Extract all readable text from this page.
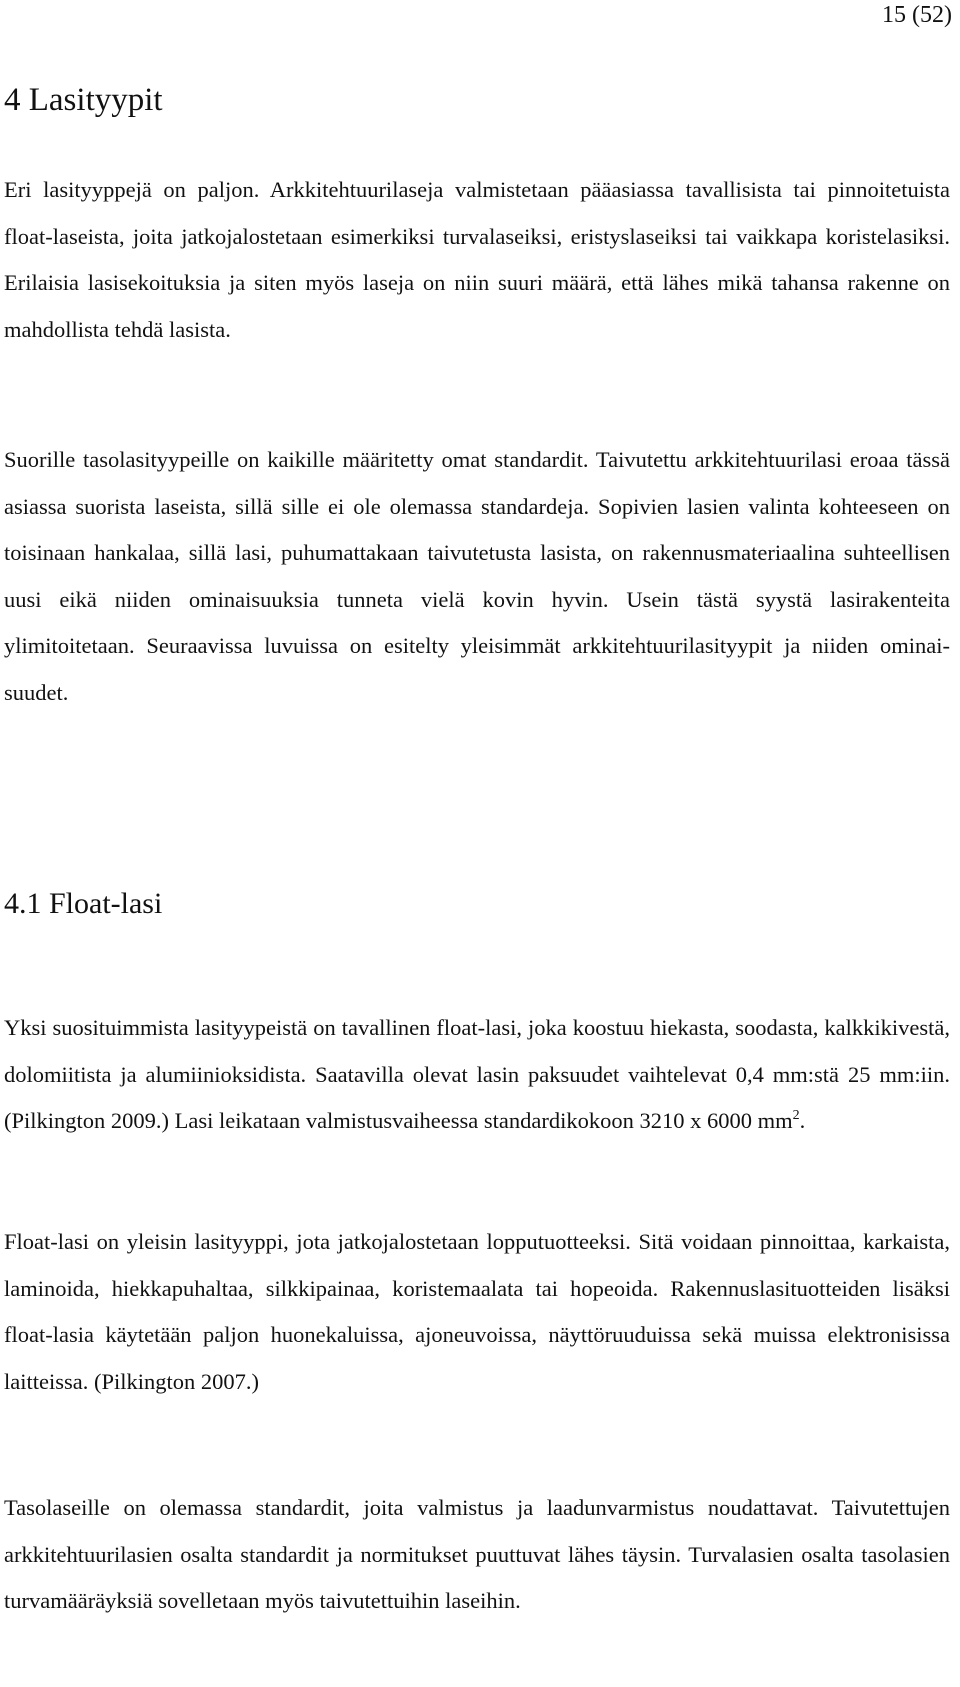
15 (52)
4 Lasityypit

Eri lasityyppejä on paljon. Arkkitehtuurilaseja valmistetaan pääasiassa tavallisista tai pinnoitetuista float-laseista, joita jatkojalostetaan esimerkiksi turvalaseiksi, eristyslaseiksi tai vaikkapa koristelasiksi. Erilaisia lasisekoituksia ja siten myös laseja on niin suuri määrä, että lähes mikä tahansa rakenne on mahdollista tehdä lasista.

Suorille tasolasityypeille on kaikille määritetty omat standardit. Taivutettu arkkitehtuurilasi eroaa tässä asiassa suorista laseista, sillä sille ei ole olemassa standardeja. Sopivien lasien valinta kohteeseen on toisinaan hankalaa, sillä lasi, puhumattakaan taivutetusta lasista, on rakennusmateriaalina suhteellisen uusi eikä niiden ominaisuuksia tunneta vielä kovin hyvin. Usein tästä syystä lasirakenteita ylimitoitetaan. Seuraavissa luvuissa on esitelty yleisimmät arkkitehtuurilasityypit ja niiden ominaisuudet.

4.1 Float-lasi

Yksi suosituimmista lasityypeistä on tavallinen float-lasi, joka koostuu hiekasta, soodasta, kalkkikivestä, dolomiitista ja alumiinioksidista. Saatavilla olevat lasin paksuudet vaihtelevat 0,4 mm:stä 25 mm:iin. (Pilkington 2009.) Lasi leikataan valmistusvaiheessa standardikokoon 3210 x 6000 $mm^2$.

Float-lasi on yleisin lasityyppi, jota jatkojalostetaan lopputuotteeksi. Sitä voidaan pinnoittaa, karkaista, laminoida, hiekkapuhaltaa, silkkipainaa, koristemaalata tai hopeoida. Rakennuslasituotteiden lisäksi float-lasia käytetään paljon huonekaluissa, ajoneuvoissa, näyttöruuduissa sekä muissa elektronisissa laitteissa. (Pilkington 2007.)

Tasolaseille on olemassa standardit, joita valmistus ja laadunvarmistus noudattavat. Taivutettujen arkkitehtuurilasien osalta standardit ja normitukset puuttuvat lähes täysin. Turvalasien osalta tasolasien turvamääräyksiä sovelletaan myös taivutettuihin laseihin.
